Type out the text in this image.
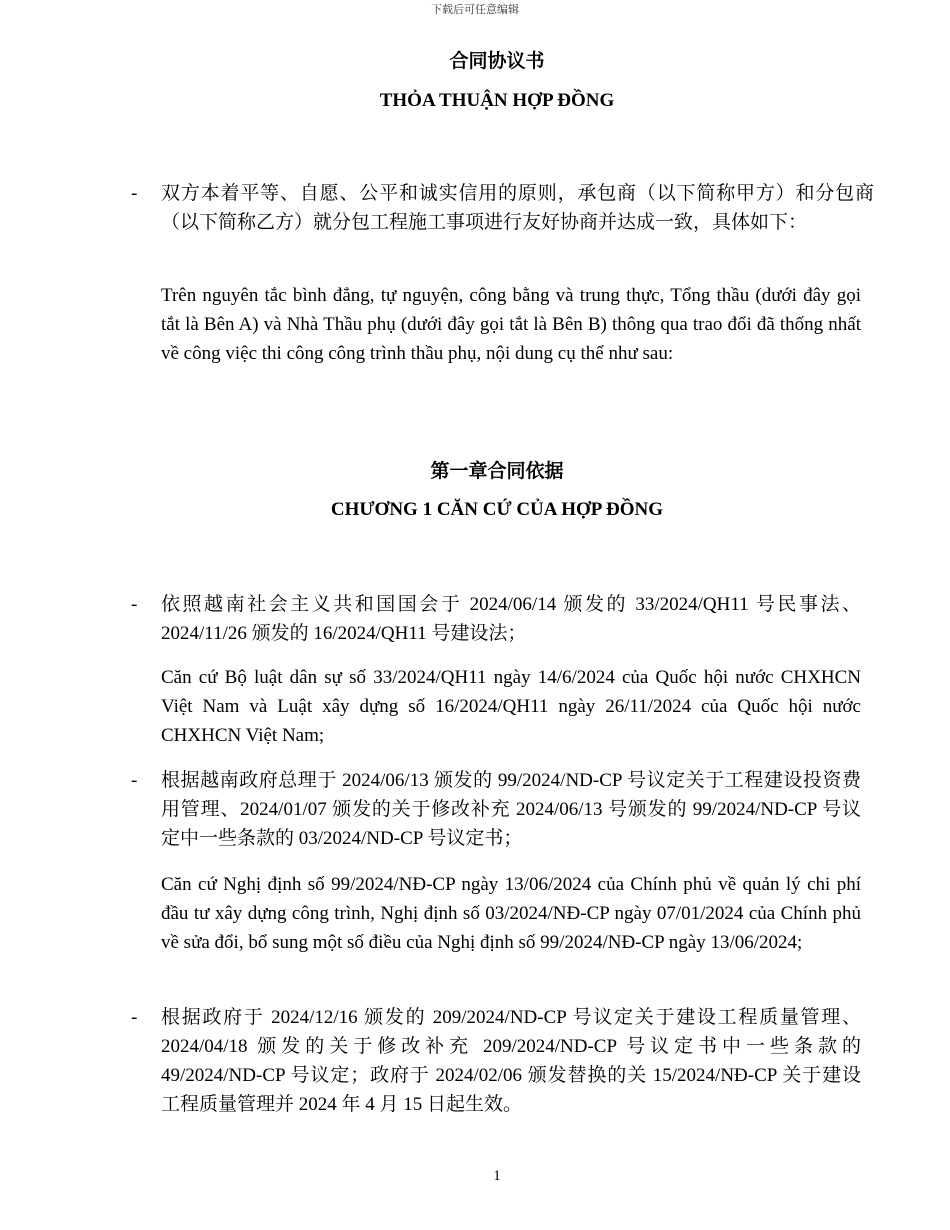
下载后可任意编辑
合同协议书
THỎA THUẬN HỢP ĐỒNG
- 双方本着平等、自愿、公平和诚实信用的原则，承包商（以下简称甲方）和分包商（以下简称乙方）就分包工程施工事项进行友好协商并达成一致，具体如下：
Trên nguyên tắc bình đẳng, tự nguyện, công bằng và trung thực, Tổng thầu (dưới đây gọi tắt là Bên A) và Nhà Thầu phụ (dưới đây gọi tắt là Bên B) thông qua trao đổi đã thống nhất về công việc thi công công trình thầu phụ, nội dung cụ thể như sau:
第一章合同依据
CHƯƠNG 1 CĂN CỨ CỦA HỢP ĐỒNG
- 依照越南社会主义共和国国会于 2024/06/14 颁发的 33/2024/QH11 号民事法、2024/11/26 颁发的 16/2024/QH11 号建设法；
Căn cứ Bộ luật dân sự số 33/2024/QH11 ngày 14/6/2024 của Quốc hội nước CHXHCN Việt Nam và Luật xây dựng số 16/2024/QH11 ngày 26/11/2024 của Quốc hội nước CHXHCN Việt Nam;
- 根据越南政府总理于 2024/06/13 颁发的 99/2024/ND-CP 号议定关于工程建设投资费用管理、2024/01/07 颁发的关于修改补充 2024/06/13 号颁发的 99/2024/ND-CP 号议定中一些条款的 03/2024/ND-CP 号议定书；
Căn cứ Nghị định số 99/2024/NĐ-CP ngày 13/06/2024 của Chính phủ về quản lý chi phí đầu tư xây dựng công trình, Nghị định số 03/2024/NĐ-CP ngày 07/01/2024 của Chính phủ về sửa đổi, bổ sung một số điều của Nghị định số 99/2024/NĐ-CP ngày 13/06/2024;
- 根据政府于 2024/12/16 颁发的 209/2024/ND-CP 号议定关于建设工程质量管理、2024/04/18 颁发的关于修改补充 209/2024/ND-CP 号议定书中一些条款的 49/2024/ND-CP 号议定；政府于 2024/02/06 颁发替换的关 15/2024/NĐ-CP 关于建设工程质量管理并 2024 年 4 月 15 日起生效。
1
